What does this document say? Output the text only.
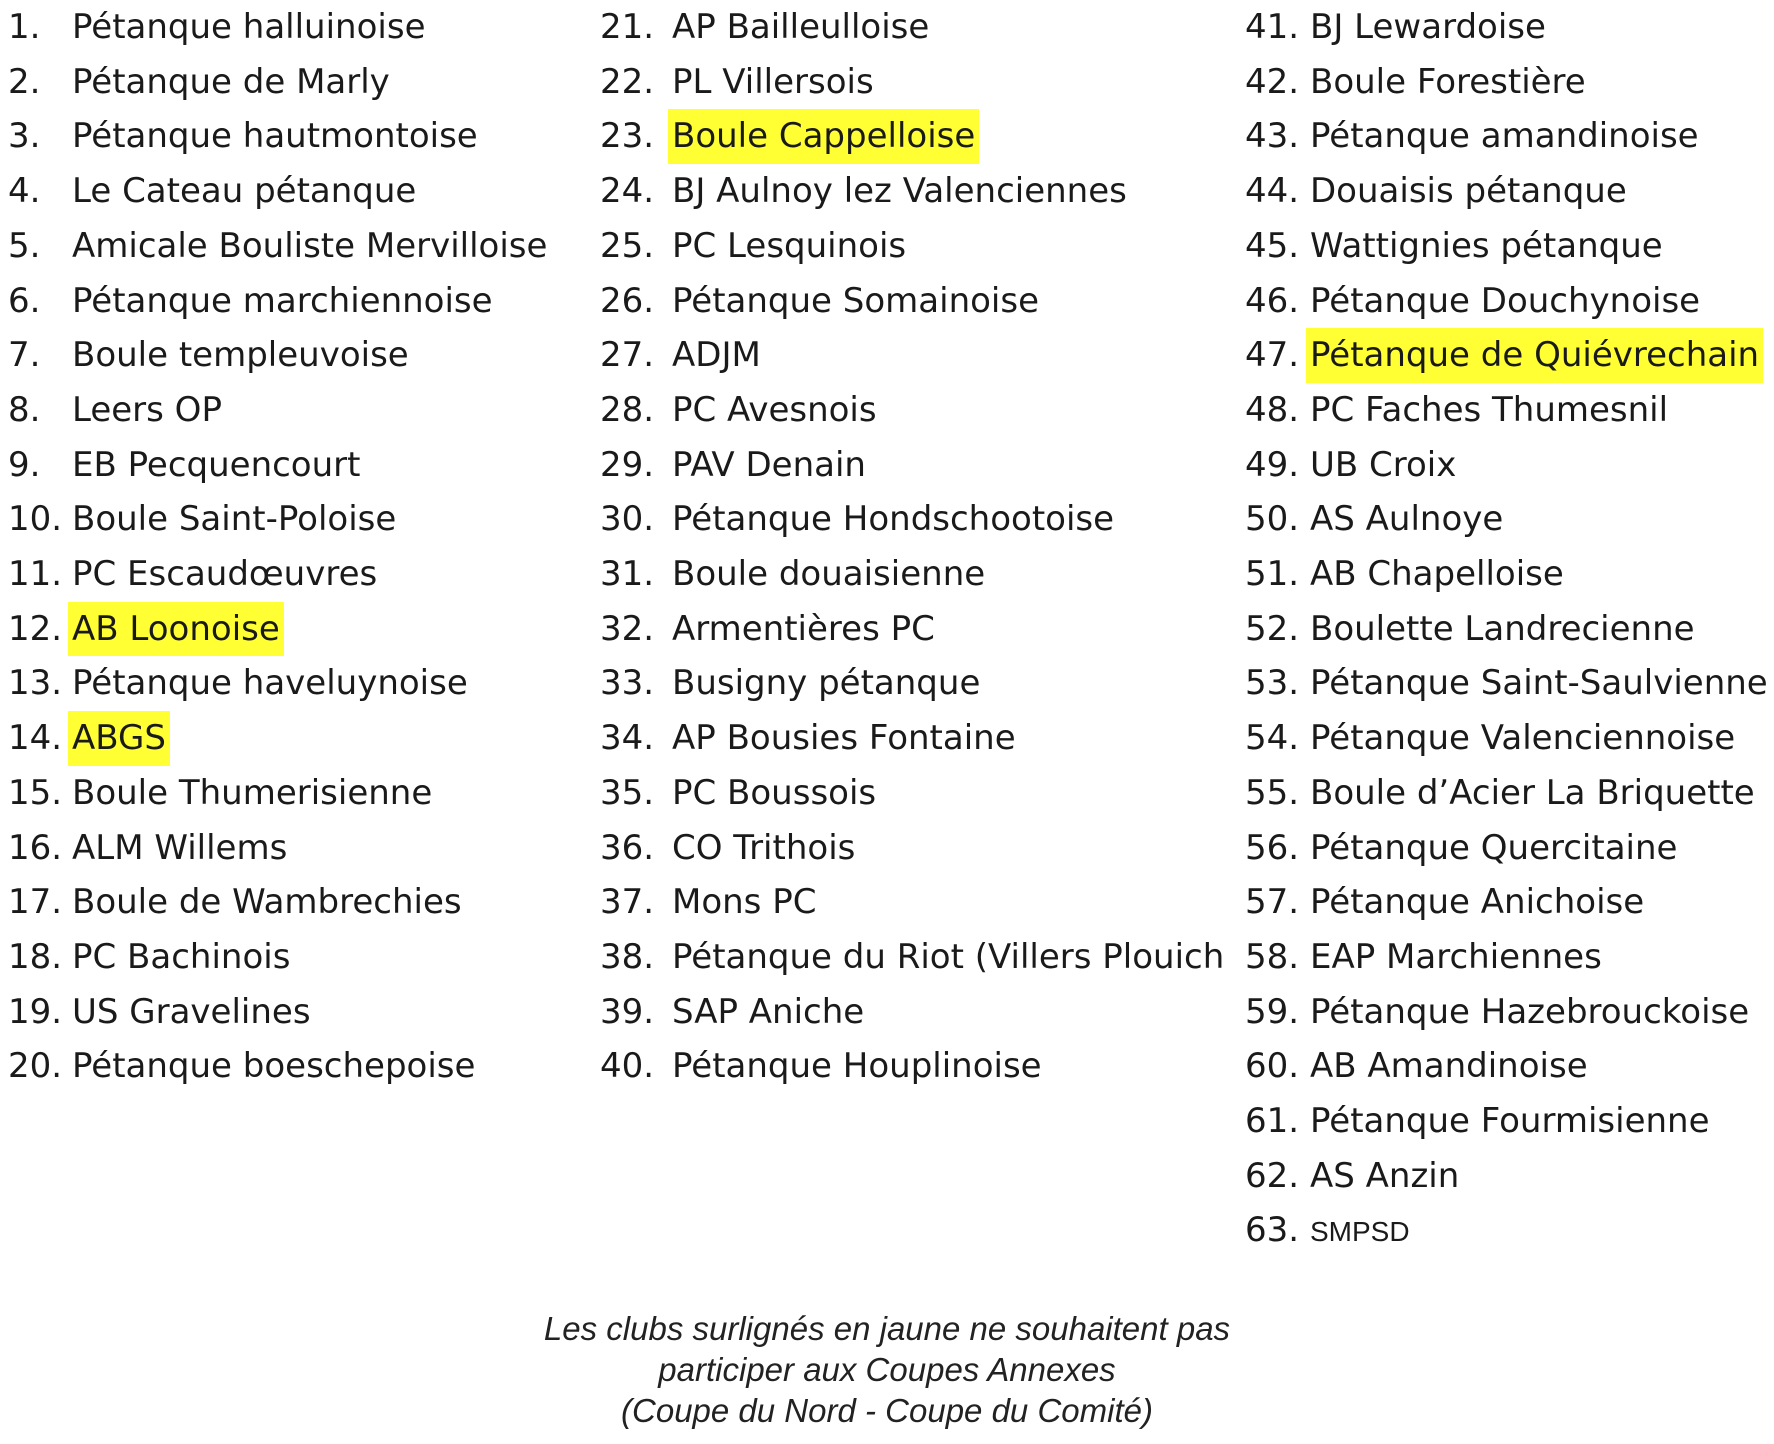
1. Pétanque halluinoise
2. Pétanque de Marly
3. Pétanque hautmontoise
4. Le Cateau pétanque
5. Amicale Bouliste Mervilloise
6. Pétanque marchiennoise
7. Boule templeuvoise
8. Leers OP
9. EB Pecquencourt
10. Boule Saint-Poloise
11. PC Escaudœuvres
12. AB Loonoise
13. Pétanque haveluynoise
14. ABGS
15. Boule Thumerisienne
16. ALM Willems
17. Boule de Wambrechies
18. PC Bachinois
19. US Gravelines
20. Pétanque boeschepoise
21. AP Bailleulloise
22. PL Villersois
23. Boule Cappelloise
24. BJ Aulnoy lez Valenciennes
25. PC Lesquinois
26. Pétanque Somainoise
27. ADJM
28. PC Avesnois
29. PAV Denain
30. Pétanque Hondschootoise
31. Boule douaisienne
32. Armentières PC
33. Busigny pétanque
34. AP Bousies Fontaine
35. PC Boussois
36. CO Trithois
37. Mons PC
38. Pétanque du Riot (Villers Plouich
39. SAP Aniche
40. Pétanque Houplinoise
41. BJ Lewardoise
42. Boule Forestière
43. Pétanque amandinoise
44. Douaisis pétanque
45. Wattignies pétanque
46. Pétanque Douchynoise
47. Pétanque de Quiévrechain
48. PC Faches Thumesnil
49. UB Croix
50. AS Aulnoye
51. AB Chapelloise
52. Boulette Landrecienne
53. Pétanque Saint-Saulvienne
54. Pétanque Valenciennoise
55. Boule d’Acier La Briquette
56. Pétanque Quercitaine
57. Pétanque Anichoise
58. EAP Marchiennes
59. Pétanque Hazebrouckoise
60. AB Amandinoise
61. Pétanque Fourmisienne
62. AS Anzin
63. SMPSD
Les clubs surlignés en jaune ne souhaitent pas
participer aux Coupes Annexes
(Coupe du Nord - Coupe du Comité)
